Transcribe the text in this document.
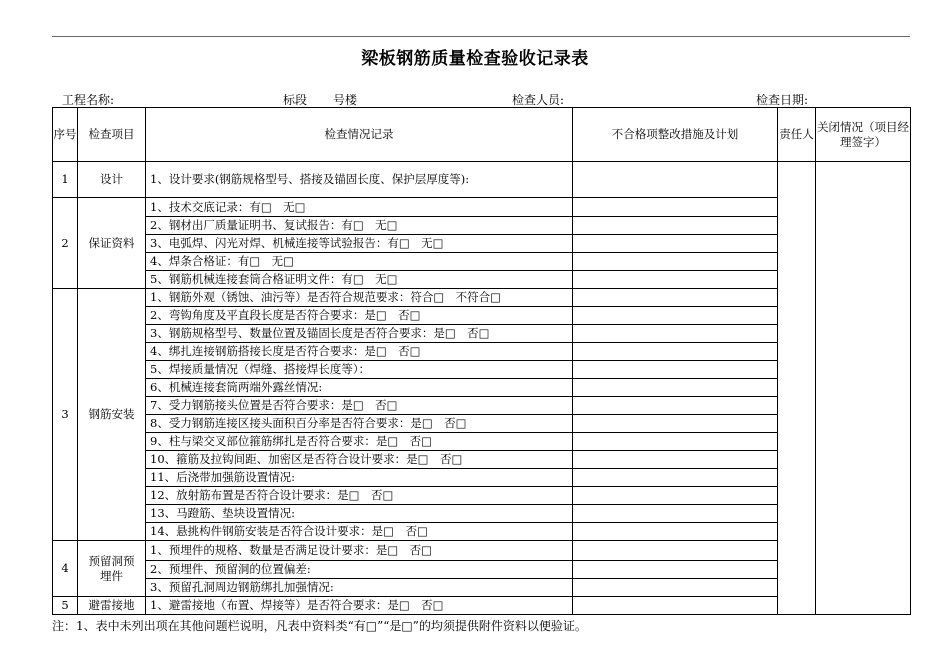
梁板钢筋质量检查验收记录表
工程名称:	标段 号楼	检查人员:	检查日期:
序号	检查项目	检查情况记录	不合格项整改措施及计划	责任人	关闭情况（项目经理签字）
1	设计	1、设计要求(钢筋规格型号、搭接及锚固长度、保护层厚度等):			
2	保证资料	1、技术交底记录：有□　无□			
		2、钢材出厂质量证明书、复试报告：有□　无□			
		3、电弧焊、闪光对焊、机械连接等试验报告：有□　无□			
		4、焊条合格证：有□　无□			
		5、钢筋机械连接套筒合格证明文件：有□　无□			
3	钢筋安装	1、钢筋外观（锈蚀、油污等）是否符合规范要求：符合□　不符合□			
		2、弯钩角度及平直段长度是否符合要求：是□　否□			
		3、钢筋规格型号、数量位置及锚固长度是否符合要求：是□　否□			
		4、绑扎连接钢筋搭接长度是否符合要求：是□　否□			
		5、焊接质量情况（焊缝、搭接焊长度等）：			
		6、机械连接套筒两端外露丝情况:			
		7、受力钢筋接头位置是否符合要求：是□　否□			
		8、受力钢筋连接区接头面积百分率是否符合要求：是□　否□			
		9、柱与梁交叉部位箍筋绑扎是否符合要求：是□　否□			
		10、箍筋及拉钩间距、加密区是否符合设计要求：是□　否□			
		11、后浇带加强筋设置情况:			
		12、放射筋布置是否符合设计要求：是□　否□			
		13、马蹬筋、垫块设置情况:			
		14、悬挑构件钢筋安装是否符合设计要求：是□　否□			
4	预留洞预埋件	1、预埋件的规格、数量是否满足设计要求：是□　否□			
		2、预埋件、预留洞的位置偏差:			
		3、预留孔洞周边钢筋绑扎加强情况:			
5	避雷接地	1、避雷接地（布置、焊接等）是否符合要求：是□　否□			
注：1、表中未列出项在其他问题栏说明，凡表中资料类“有□”“是□”的均须提供附件资料以便验证。
